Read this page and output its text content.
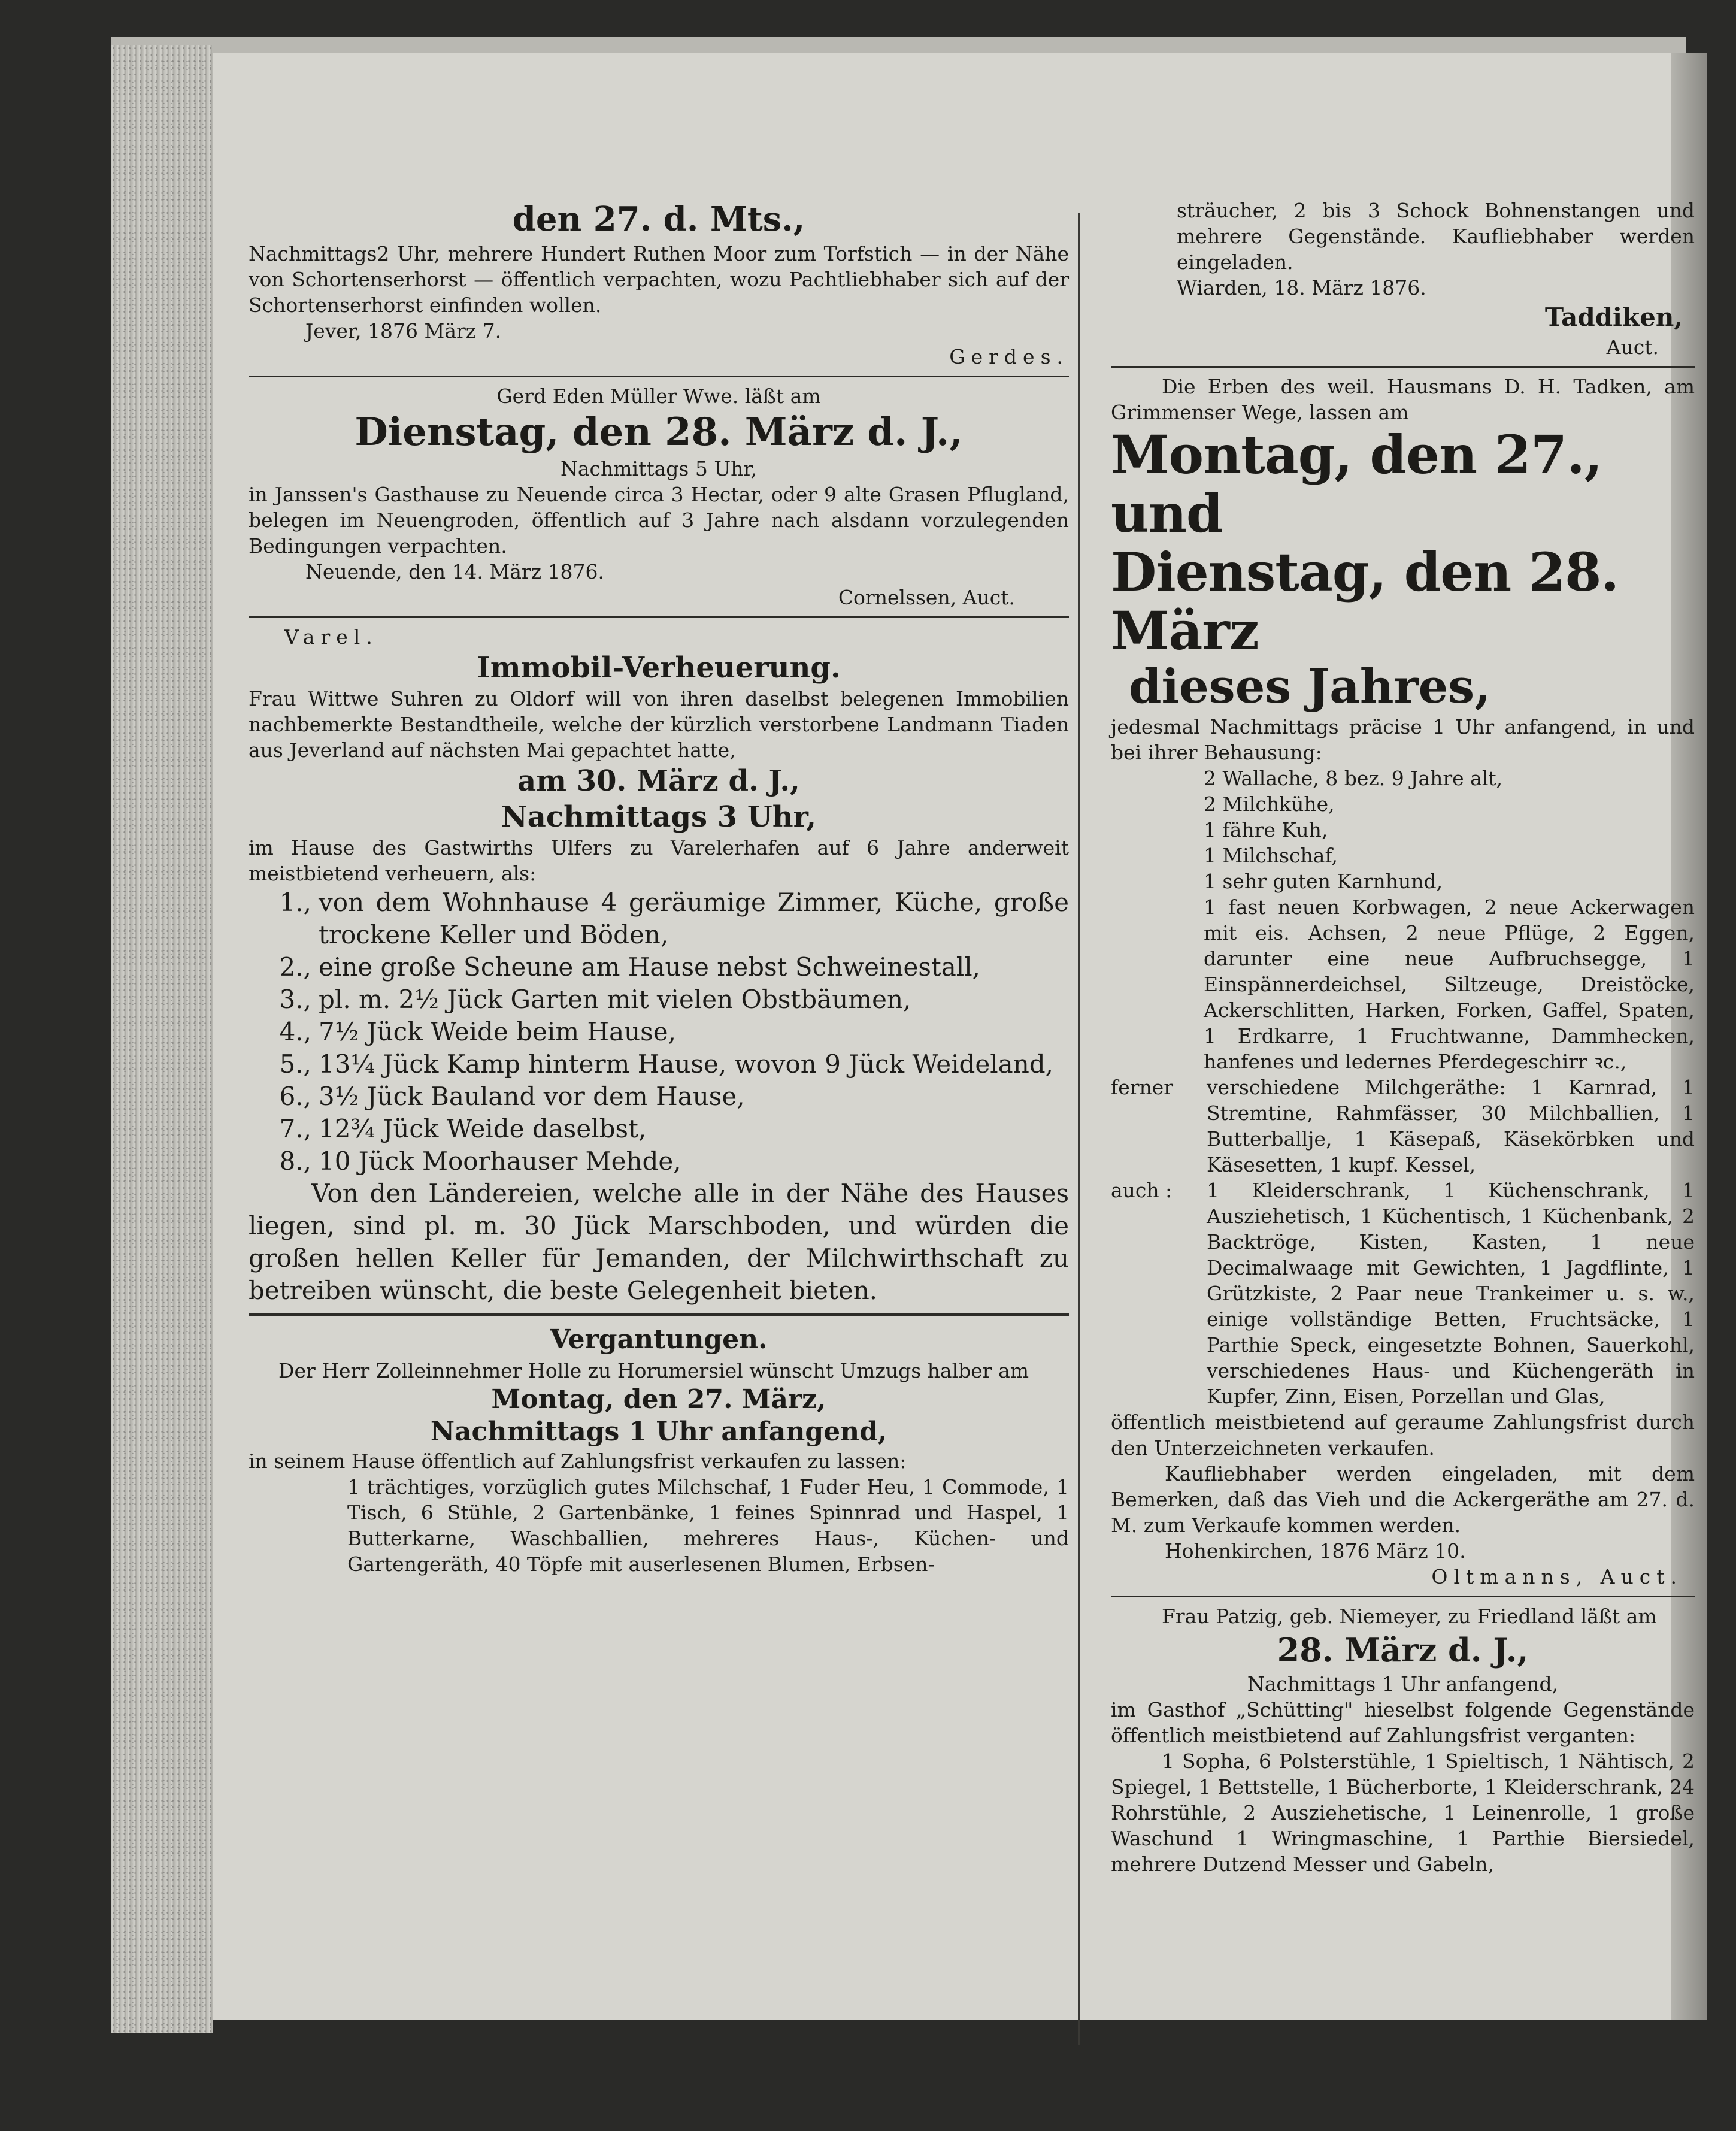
den 27. d. Mts.,

Nachmittags2 Uhr, mehrere Hundert Ruthen Moor zum Torfstich — in der Nähe von Schortenserhorst — öffentlich verpachten, wozu Pachtliebhaber sich auf der Schortenserhorst einfinden wollen.

Jever, 1876 März 7.

Gerdes.

Gerd Eden Müller Wwe. läßt am

Dienstag, den 28. März d. J.,

Nachmittags 5 Uhr,

in Janssen's Gasthause zu Neuende circa 3 Hectar, oder 9 alte Grasen Pflugland, belegen im Neuengroden, öffentlich auf 3 Jahre nach alsdann vorzulegenden Bedingungen verpachten.

Neuende, den 14. März 1876.

Cornelssen, Auct.

Varel.

Immobil-Verheuerung.

Frau Wittwe Suhren zu Oldorf will von ihren daselbst belegenen Immobilien nachbemerkte Bestandtheile, welche der kürzlich verstorbene Landmann Tiaden aus Jeverland auf nächsten Mai gepachtet hatte,

am 30. März d. J.,
Nachmittags 3 Uhr,

im Hause des Gastwirths Ulfers zu Varelerhafen auf 6 Jahre anderweit meistbietend verheuern, als:

1., von dem Wohnhause 4 geräumige Zimmer, Küche, große trockene Keller und Böden,
2., eine große Scheune am Hause nebst Schweinestall,
3., pl. m. 2½ Jück Garten mit vielen Obstbäumen,
4., 7½ Jück Weide beim Hause,
5., 13¼ Jück Kamp hinterm Hause, wovon 9 Jück Weideland,
6., 3½ Jück Bauland vor dem Hause,
7., 12¾ Jück Weide daselbst,
8., 10 Jück Moorhauser Mehde,

Von den Ländereien, welche alle in der Nähe des Hauses liegen, sind pl. m. 30 Jück Marschboden, und würden die großen hellen Keller für Jemanden, der Milchwirthschaft zu betreiben wünscht, die beste Gelegenheit bieten.

Vergantungen.

Der Herr Zolleinnehmer Holle zu Horumersiel wünscht Umzugs halber am

Montag, den 27. März,
Nachmittags 1 Uhr anfangend,

in seinem Hause öffentlich auf Zahlungsfrist verkaufen zu lassen:

1 trächtiges, vorzüglich gutes Milchschaf, 1 Fuder Heu, 1 Commode, 1 Tisch, 6 Stühle, 2 Gartenbänke, 1 feines Spinnrad und Haspel, 1 Butterkarne, Waschballien, mehreres Haus-, Küchen- und Gartengeräth, 40 Töpfe mit auserlesenen Blumen, Erbsen-

sträucher, 2 bis 3 Schock Bohnenstangen und mehrere Gegenstände. Kaufliebhaber werden eingeladen.

Wiarden, 18. März 1876.

Taddiken,

Auct.

Die Erben des weil. Hausmans D. H. Tadken, am Grimmenser Wege, lassen am

Montag, den 27., und
Dienstag, den 28. März
dieses Jahres,

jedesmal Nachmittags präcise 1 Uhr anfangend, in und bei ihrer Behausung:

2 Wallache, 8 bez. 9 Jahre alt,

2 Milchkühe,

1 fähre Kuh,

1 Milchschaf,

1 sehr guten Karnhund,

1 fast neuen Korbwagen, 2 neue Ackerwagen mit eis. Achsen, 2 neue Pflüge, 2 Eggen, darunter eine neue Aufbruchsegge, 1 Einspännerdeichsel, Siltzeuge, Dreistöcke, Ackerschlitten, Harken, Forken, Gaffel, Spaten, 1 Erdkarre, 1 Fruchtwanne, Dammhecken, hanfenes und ledernes Pferdegeschirr ꝛc.,

ferner	verschiedene Milchgeräthe: 1 Karnrad, 1 Stremtine, Rahmfässer, 30 Milchballien, 1 Butterballje, 1 Käsepaß, Käsekörbken und Käsesetten, 1 kupf. Kessel,
auch :	1 Kleiderschrank, 1 Küchenschrank, 1 Ausziehetisch, 1 Küchentisch, 1 Küchenbank, 2 Backtröge, Kisten, Kasten, 1 neue Decimalwaage mit Gewichten, 1 Jagdflinte, 1 Grützkiste, 2 Paar neue Trankeimer u. s. w., einige vollständige Betten, Fruchtsäcke, 1 Parthie Speck, eingesetzte Bohnen, Sauerkohl, verschiedenes Haus- und Küchengeräth in Kupfer, Zinn, Eisen, Porzellan und Glas,

öffentlich meistbietend auf geraume Zahlungsfrist durch den Unterzeichneten verkaufen.

Kaufliebhaber werden eingeladen, mit dem Bemerken, daß das Vieh und die Ackergeräthe am 27. d. M. zum Verkaufe kommen werden.

Hohenkirchen, 1876 März 10.

Oltmanns, Auct.

Frau Patzig, geb. Niemeyer, zu Friedland läßt am

28. März d. J.,

Nachmittags 1 Uhr anfangend,

im Gasthof „Schütting" hieselbst folgende Gegenstände öffentlich meistbietend auf Zahlungsfrist verganten:

1 Sopha, 6 Polsterstühle, 1 Spieltisch, 1 Nähtisch, 2 Spiegel, 1 Bettstelle, 1 Bücherborte, 1 Kleiderschrank, 24 Rohrstühle, 2 Ausziehetische, 1 Leinenrolle, 1 große Waschund 1 Wringmaschine, 1 Parthie Biersiedel, mehrere Dutzend Messer und Gabeln,
